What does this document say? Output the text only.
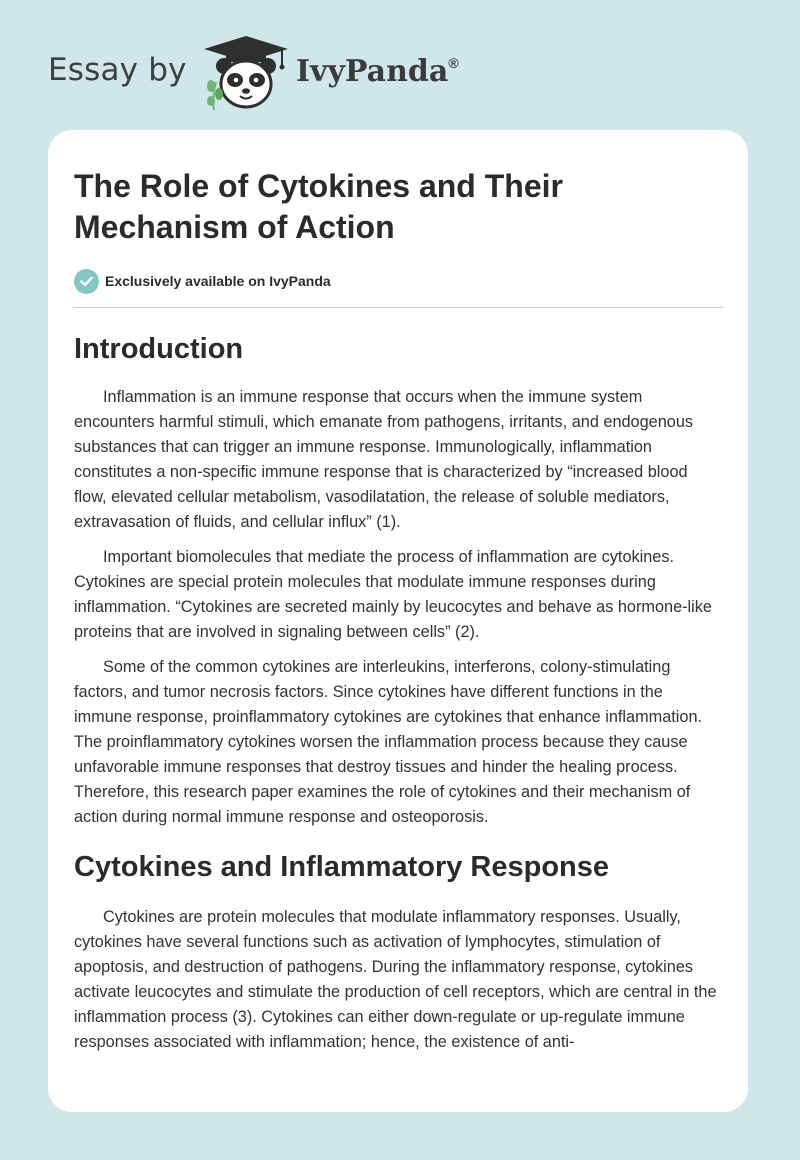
Essay by	IvyPanda®
The Role of Cytokines and Their Mechanism of Action
Exclusively available on IvyPanda
Introduction

Inflammation is an immune response that occurs when the immune system encounters harmful stimuli, which emanate from pathogens, irritants, and endogenous substances that can trigger an immune response. Immunologically, inflammation constitutes a non-specific immune response that is characterized by “increased blood flow, elevated cellular metabolism, vasodilatation, the release of soluble mediators, extravasation of fluids, and cellular influx” (1).

Important biomolecules that mediate the process of inflammation are cytokines. Cytokines are special protein molecules that modulate immune responses during inflammation. “Cytokines are secreted mainly by leucocytes and behave as hormone-like proteins that are involved in signaling between cells” (2).

Some of the common cytokines are interleukins, interferons, colony-stimulating factors, and tumor necrosis factors. Since cytokines have different functions in the immune response, proinflammatory cytokines are cytokines that enhance inflammation. The proinflammatory cytokines worsen the inflammation process because they cause unfavorable immune responses that destroy tissues and hinder the healing process. Therefore, this research paper examines the role of cytokines and their mechanism of action during normal immune response and osteoporosis.

Cytokines and Inflammatory Response

Cytokines are protein molecules that modulate inflammatory responses. Usually, cytokines have several functions such as activation of lymphocytes, stimulation of apoptosis, and destruction of pathogens. During the inflammatory response, cytokines activate leucocytes and stimulate the production of cell receptors, which are central in the inflammation process (3). Cytokines can either down-regulate or up-regulate immune responses associated with inflammation; hence, the existence of anti-
